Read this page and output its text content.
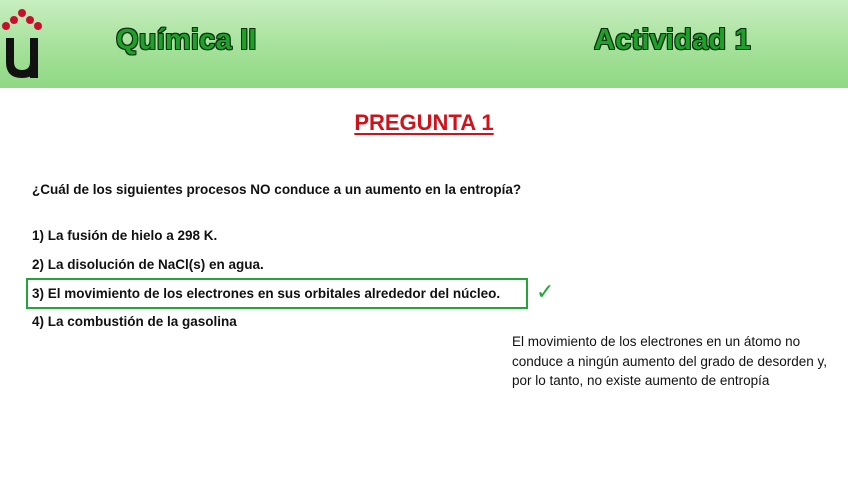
Química II	Actividad 1
PREGUNTA 1
¿Cuál de los siguientes procesos NO conduce a un aumento en la entropía?
1) La fusión de hielo a 298 K.
2) La disolución de NaCl(s) en agua.
3) El movimiento de los electrones en sus orbitales alrededor del núcleo.
4) La combustión de la gasolina
✓
El movimiento de los electrones en un átomo no conduce a ningún aumento del grado de desorden y, por lo tanto, no existe aumento de entropía
